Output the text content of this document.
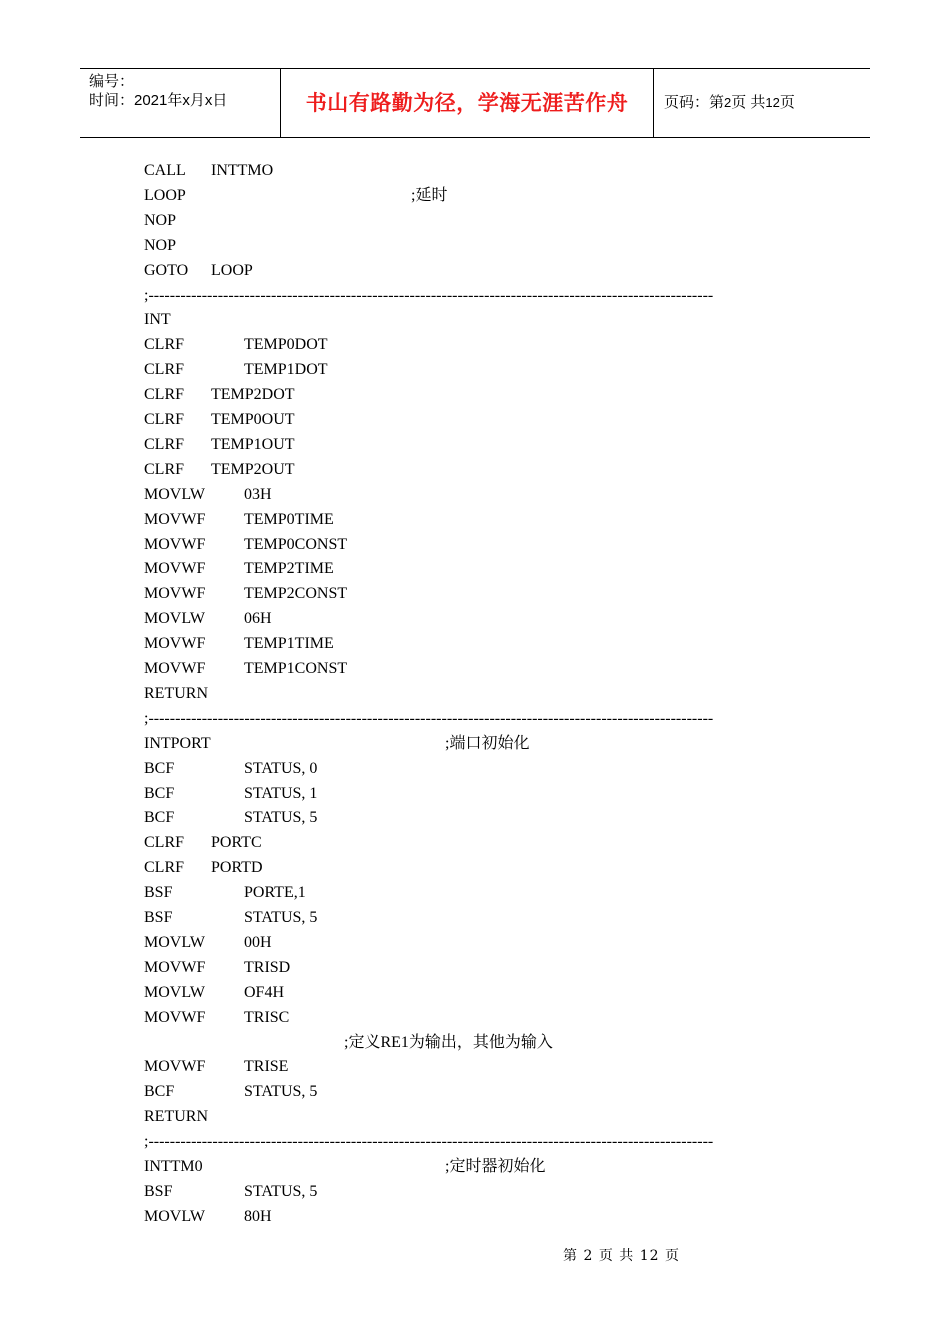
编号：
时间：2021年x月x日	书山有路勤为径，学海无涯苦作舟	页码：第2页 共12页
CALL INTTMO
LOOP	;延时
NOP
NOP
GOTO LOOP
;----------------------------------------------------------------------------------------------------------
INT
CLRF	TEMP0DOT
CLRF	TEMP1DOT
CLRF TEMP2DOT
CLRF TEMP0OUT
CLRF TEMP1OUT
CLRF TEMP2OUT
MOVLW 03H
MOVWF TEMP0TIME
MOVWF TEMP0CONST
MOVWF TEMP2TIME
MOVWF TEMP2CONST
MOVLW 06H
MOVWF TEMP1TIME
MOVWF TEMP1CONST
RETURN
;----------------------------------------------------------------------------------------------------------
INTPORT	;端口初始化
BCF	STATUS, 0
BCF	STATUS, 1
BCF	STATUS, 5
CLRF PORTC
CLRF PORTD
BSF	PORTE,1
BSF	STATUS, 5
MOVLW 00H
MOVWF TRISD
MOVLW OF4H
MOVWF TRISC
;定义RE1为输出，其他为输入
MOVWF TRISE
BCF	STATUS, 5
RETURN
;----------------------------------------------------------------------------------------------------------
INTTM0	;定时器初始化
BSF	STATUS, 5
MOVLW 80H
第 2 页 共 12 页
